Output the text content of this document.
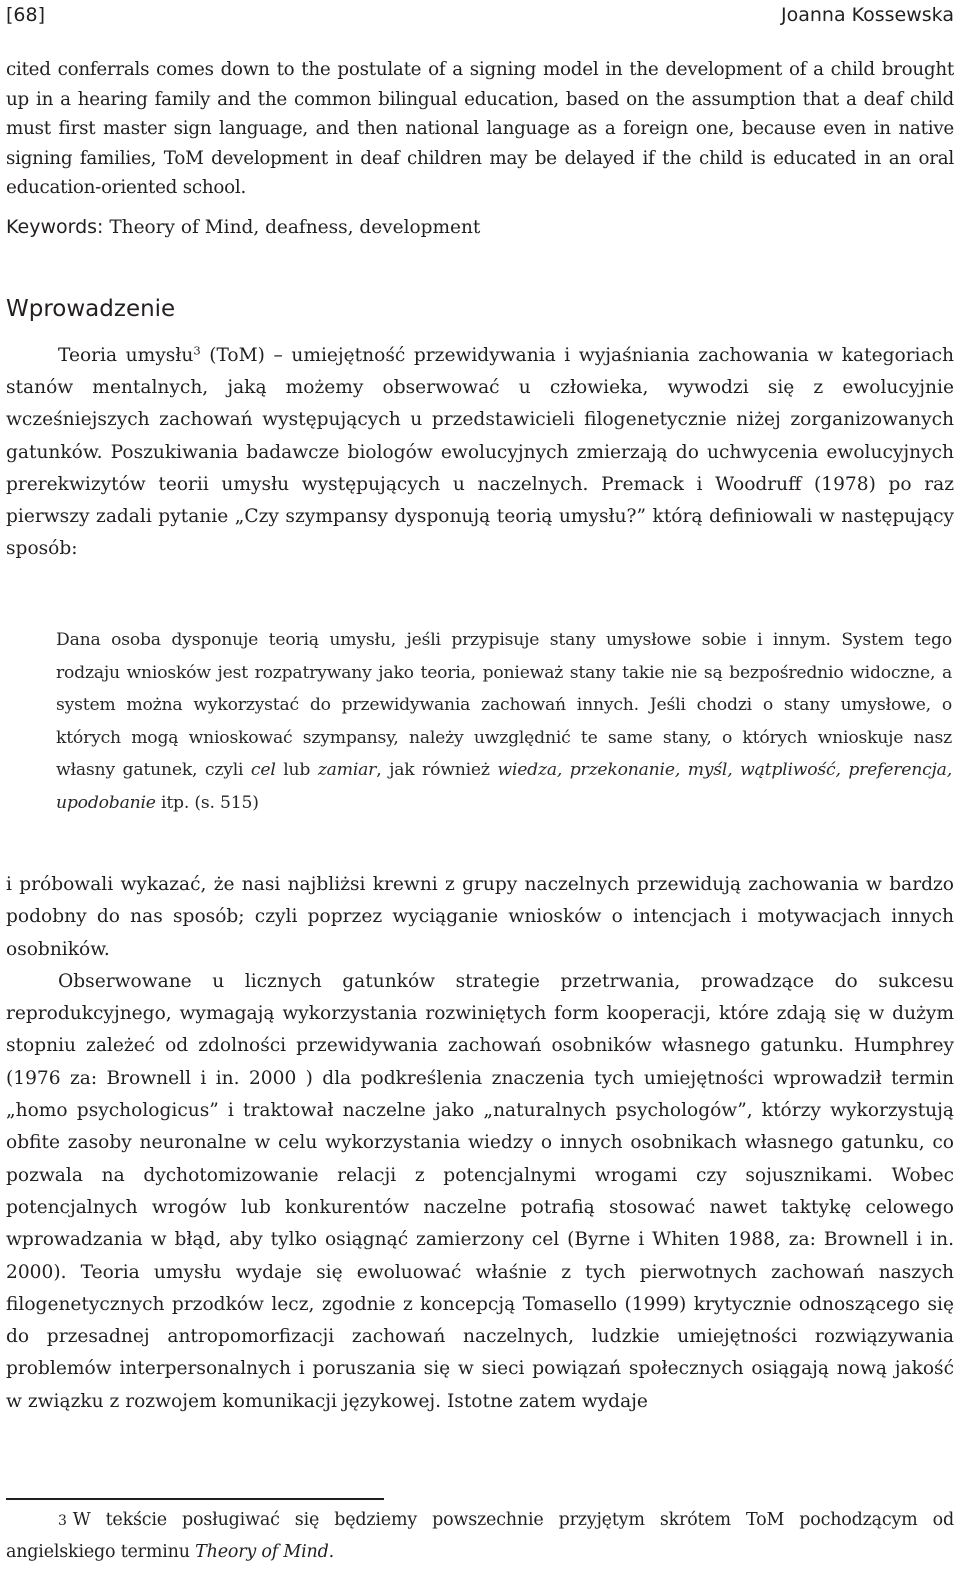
[68]	Joanna Kossewska

cited conferrals comes down to the postulate of a signing model in the development of a child brought up in a hearing family and the common bilingual education, based on the assumption that a deaf child must first master sign language, and then national language as a foreign one, because even in native signing families, ToM development in deaf children may be delayed if the child is educated in an oral education-oriented school.

Keywords: Theory of Mind, deafness, development

Wprowadzenie

Teoria umysłu$^3$ (ToM) – umiejętność przewidywania i wyjaśniania zachowania w kategoriach stanów mentalnych, jaką możemy obserwować u człowieka, wywodzi się z ewolucyjnie wcześniejszych zachowań występujących u przedstawicieli filogenetycznie niżej zorganizowanych gatunków. Poszukiwania badawcze biologów ewolucyjnych zmierzają do uchwycenia ewolucyjnych prerekwizytów teorii umysłu występujących u naczelnych. Premack i Woodruff (1978) po raz pierwszy zadali pytanie „Czy szympansy dysponują teorią umysłu?” którą definiowali w następujący sposób:

Dana osoba dysponuje teorią umysłu, jeśli przypisuje stany umysłowe sobie i innym. System tego rodzaju wniosków jest rozpatrywany jako teoria, ponieważ stany takie nie są bezpośrednio widoczne, a system można wykorzystać do przewidywania zachowań innych. Jeśli chodzi o stany umysłowe, o których mogą wnioskować szympansy, należy uwzględnić te same stany, o których wnioskuje nasz własny gatunek, czyli cel lub zamiar, jak również wiedza, przekonanie, myśl, wątpliwość, preferencja, upodobanie itp. (s. 515)

i próbowali wykazać, że nasi najbliżsi krewni z grupy naczelnych przewidują zachowania w bardzo podobny do nas sposób; czyli poprzez wyciąganie wniosków o intencjach i motywacjach innych osobników.

Obserwowane u licznych gatunków strategie przetrwania, prowadzące do sukcesu reprodukcyjnego, wymagają wykorzystania rozwiniętych form kooperacji, które zdają się w dużym stopniu zależeć od zdolności przewidywania zachowań osobników własnego gatunku. Humphrey (1976 za: Brownell i in. 2000 ) dla podkreślenia znaczenia tych umiejętności wprowadził termin „homo psychologicus” i traktował naczelne jako „naturalnych psychologów”, którzy wykorzystują obfite zasoby neuronalne w celu wykorzystania wiedzy o innych osobnikach własnego gatunku, co pozwala na dychotomizowanie relacji z potencjalnymi wrogami czy sojusznikami. Wobec potencjalnych wrogów lub konkurentów naczelne potrafią stosować nawet taktykę celowego wprowadzania w błąd, aby tylko osiągnąć zamierzony cel (Byrne i Whiten 1988, za: Brownell i in. 2000). Teoria umysłu wydaje się ewoluować właśnie z tych pierwotnych zachowań naszych filogenetycznych przodków lecz, zgodnie z koncepcją Tomasello (1999) krytycznie odnoszącego się do przesadnej antropomorfizacji zachowań naczelnych, ludzkie umiejętności rozwiązywania problemów interpersonalnych i poruszania się w sieci powiązań społecznych osiągają nową jakość w związku z rozwojem komunikacji językowej. Istotne zatem wydaje

3 W tekście posługiwać się będziemy powszechnie przyjętym skrótem ToM pochodzącym od angielskiego terminu Theory of Mind.
